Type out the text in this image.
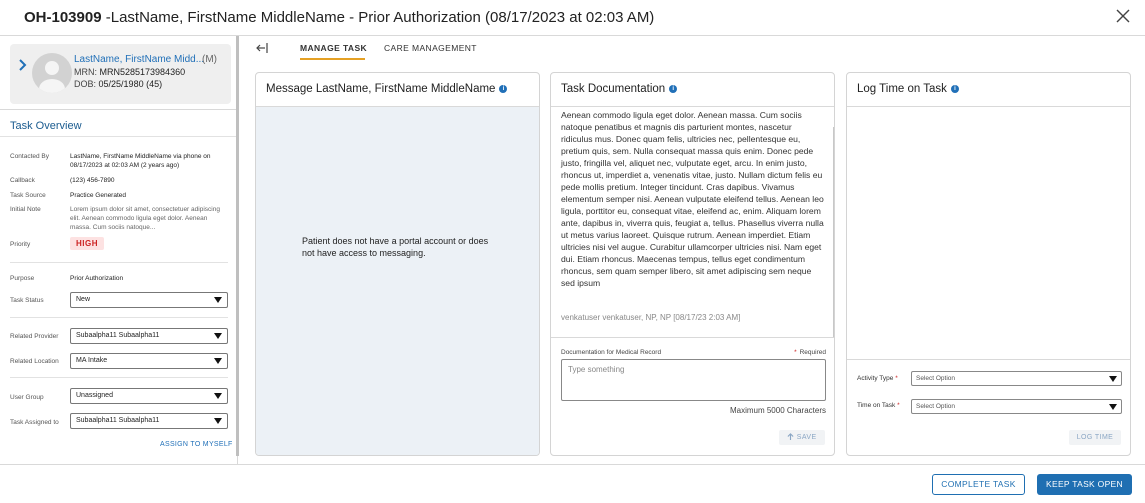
OH-103909 -LastName, FirstName MiddleName - Prior Authorization (08/17/2023 at 02:03 AM)
LastName, FirstName Midd...
(M)
MRN: MRN5285173984360
DOB: 05/25/1980 (45)
Task Overview
Contacted By	LastName, FirstName MiddleName via phone on 08/17/2023 at 02:03 AM (2 years ago)
Callback	(123) 456-7890
Task Source	Practice Generated
Initial Note	Lorem ipsum dolor sit amet, consectetuer adipiscing elit. Aenean commodo ligula eget dolor. Aenean massa. Cum sociis natoque...
Priority	HIGH
Purpose	Prior Authorization
Task Status	New
Related Provider	Subaalpha11 Subaalpha11
Related Location	MA Intake
User Group	Unassigned
Task Assigned to	Subaalpha11 Subaalpha11
ASSIGN TO MYSELF
MANAGE TASK CARE MANAGEMENT
Message LastName, FirstName MiddleName i
Patient does not have a portal account or does not have access to messaging.
Task Documentation i
Aenean commodo ligula eget dolor. Aenean massa. Cum sociis natoque penatibus et magnis dis parturient montes, nascetur ridiculus mus. Donec quam felis, ultricies nec, pellentesque eu, pretium quis, sem. Nulla consequat massa quis enim. Donec pede justo, fringilla vel, aliquet nec, vulputate eget, arcu. In enim justo, rhoncus ut, imperdiet a, venenatis vitae, justo. Nullam dictum felis eu pede mollis pretium. Integer tincidunt. Cras dapibus. Vivamus elementum semper nisi. Aenean vulputate eleifend tellus. Aenean leo ligula, porttitor eu, consequat vitae, eleifend ac, enim. Aliquam lorem ante, dapibus in, viverra quis, feugiat a, tellus. Phasellus viverra nulla ut metus varius laoreet. Quisque rutrum. Aenean imperdiet. Etiam ultricies nisi vel augue. Curabitur ullamcorper ultricies nisi. Nam eget dui. Etiam rhoncus. Maecenas tempus, tellus eget condimentum rhoncus, sem quam semper libero, sit amet adipiscing sem neque sed ipsum
venkatuser venkatuser, NP, NP [08/17/23 2:03 AM]
Documentation for Medical Record	* Required
Type something
Maximum 5000 Characters
SAVE
Log Time on Task i
Activity Type *	Select Option
Time on Task *	Select Option
LOG TIME
COMPLETE TASK	KEEP TASK OPEN
